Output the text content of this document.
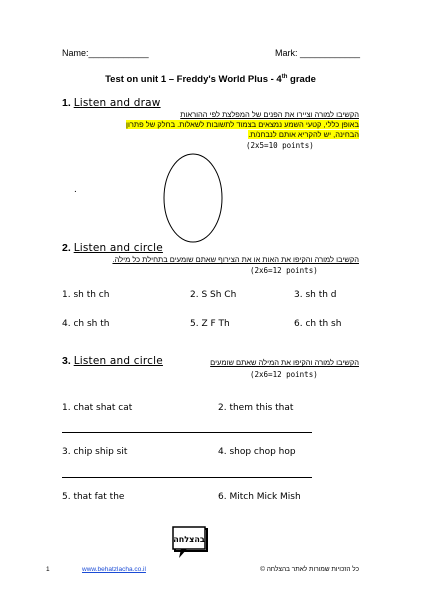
Name:____________	Mark: ____________
Test on unit 1 – Freddy's World Plus - 4th grade
1. Listen and draw
הקשיבו למורה וציירו את הפנים של המפלצת לפי ההוראות
באופן כללי, קטעי השמע נמצאים בצמוד לתשובות לשאלות. בחלק של פתרון
הבחינה, יש להקריא אותם לנבחנ/ת.
(2x5=10 points)
.
2. Listen and circle
הקשיבו למורה והקיפו את האות או את הצירוף שאתם שומעים בתחילת כל מילה.
(2x6=12 points)
1. sh th ch	2. S Sh Ch	3. sh th d
4. ch sh th	5. Z F Th	6. ch th sh
3. Listen and circle	הקשיבו למורה והקיפו את המילה שאתם שומעים
(2x6=12 points)
1. chat shat cat	2. them this that
3. chip ship sit	4. shop chop hop
5. that fat the	6. Mitch Mick Mish
בהצלחה
1	www.behatzlacha.co.il	כל הזכויות שמורות לאתר בהצלחה ©
